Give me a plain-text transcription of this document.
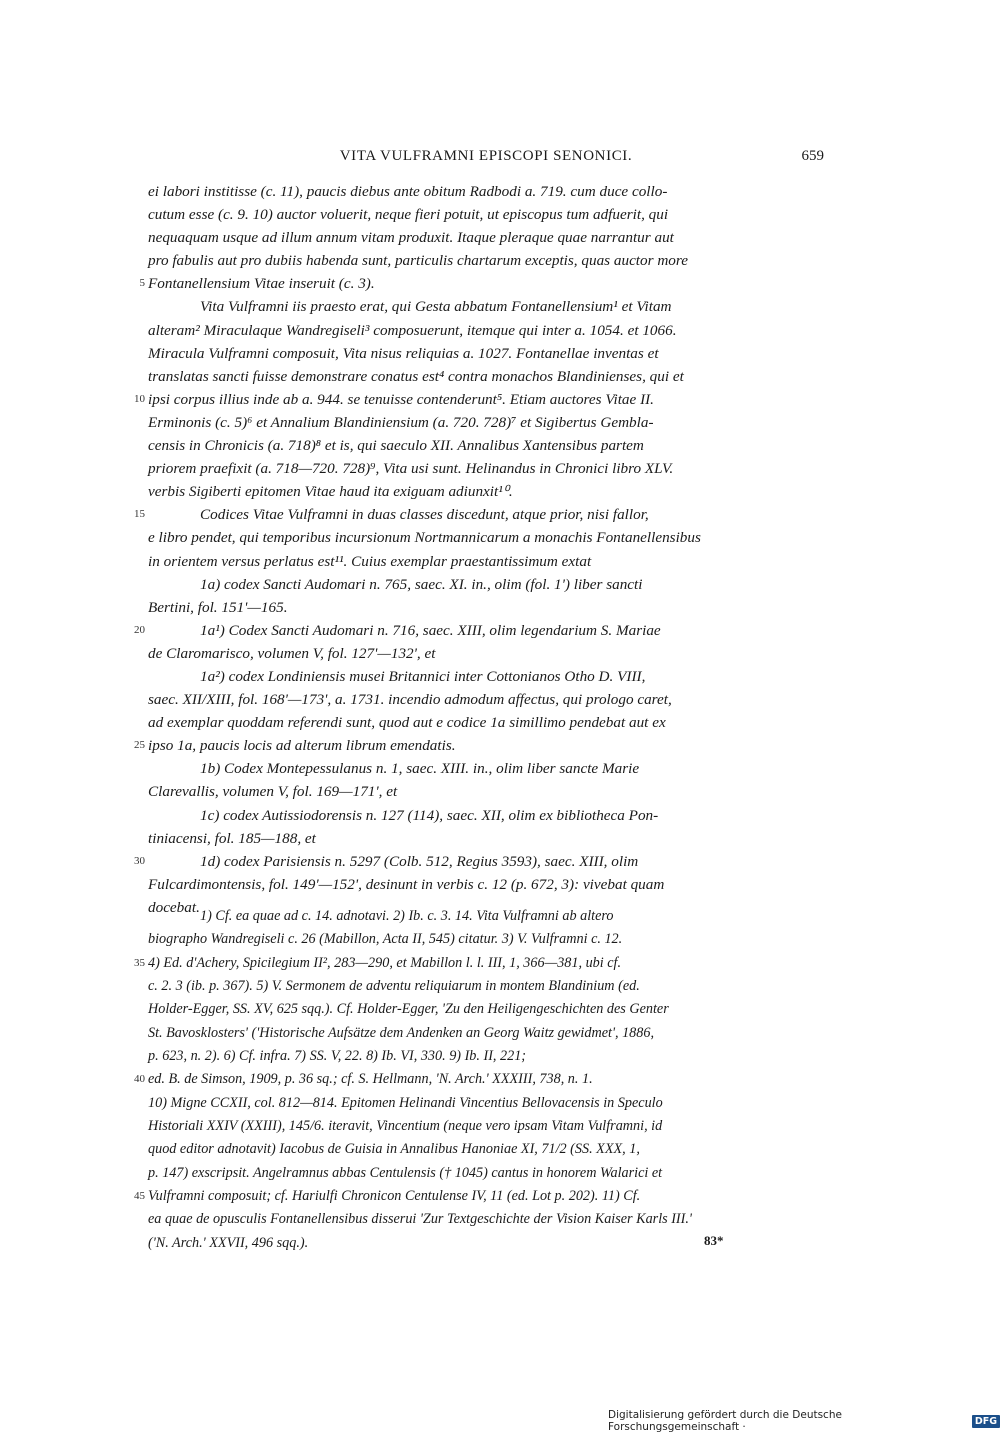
VITA VULFRAMNI EPISCOPI SENONICI.	659
ei labori institisse (c. 11), paucis diebus ante obitum Radbodi a. 719. cum duce collo-
cutum esse (c. 9. 10) auctor voluerit, neque fieri potuit, ut episcopus tum adfuerit, qui
nequaquam usque ad illum annum vitam produxit. Itaque pleraque quae narrantur aut
pro fabulis aut pro dubiis habenda sunt, particulis chartarum exceptis, quas auctor more
5 Fontanellensium Vitae inseruit (c. 3).
Vita Vulframni iis praesto erat, qui Gesta abbatum Fontanellensium¹ et Vitam
alteram² Miraculaque Wandregiseli³ composuerunt, itemque qui inter a. 1054. et 1066.
Miracula Vulframni composuit, Vita nisus reliquias a. 1027. Fontanellae inventas et
translatas sancti fuisse demonstrare conatus est⁴ contra monachos Blandinienses, qui et
10 ipsi corpus illius inde ab a. 944. se tenuisse contenderunt⁵. Etiam auctores Vitae II.
Erminonis (c. 5)⁶ et Annalium Blandiniensium (a. 720. 728)⁷ et Sigibertus Gembla-
censis in Chronicis (a. 718)⁸ et is, qui saeculo XII. Annalibus Xantensibus partem
priorem praefixit (a. 718—720. 728)⁹, Vita usi sunt. Helinandus in Chronici libro XLV.
verbis Sigiberti epitomen Vitae haud ita exiguam adiunxit¹⁰.
15	Codices Vitae Vulframni in duas classes discedunt, atque prior, nisi fallor,
e libro pendet, qui temporibus incursionum Nortmannicarum a monachis Fontanellensibus
in orientem versus perlatus est¹¹. Cuius exemplar praestantissimum extat
1a) codex Sancti Audomari n. 765, saec. XI. in., olim (fol. 1') liber sancti
Bertini, fol. 151'—165.
20	1a¹) Codex Sancti Audomari n. 716, saec. XIII, olim legendarium S. Mariae
de Claromarisco, volumen V, fol. 127'—132', et
1a²) codex Londiniensis musei Britannici inter Cottonianos Otho D. VIII,
saec. XII/XIII, fol. 168'—173', a. 1731. incendio admodum affectus, qui prologo caret,
ad exemplar quoddam referendi sunt, quod aut e codice 1a simillimo pendebat aut ex
25 ipso 1a, paucis locis ad alterum librum emendatis.
1b) Codex Montepessulanus n. 1, saec. XIII. in., olim liber sancte Marie
Clarevallis, volumen V, fol. 169—171', et
1c) codex Autissiodorensis n. 127 (114), saec. XII, olim ex bibliotheca Pon-
tiniacensi, fol. 185—188, et
30	1d) codex Parisiensis n. 5297 (Colb. 512, Regius 3593), saec. XIII, olim
Fulcardimontensis, fol. 149'—152', desinunt in verbis c. 12 (p. 672, 3): vivebat quam
docebat.
1) Cf. ea quae ad c. 14. adnotavi. 2) Ib. c. 3. 14. Vita Vulframni ab altero
biographo Wandregiseli c. 26 (Mabillon, Acta II, 545) citatur. 3) V. Vulframni c. 12.
35 4) Ed. d'Achery, Spicilegium II², 283—290, et Mabillon l. l. III, 1, 366—381, ubi cf.
c. 2. 3 (ib. p. 367). 5) V. Sermonem de adventu reliquiarum in montem Blandinium (ed.
Holder-Egger, SS. XV, 625 sqq.). Cf. Holder-Egger, 'Zu den Heiligengeschichten des Genter
St. Bavosklosters' ('Historische Aufsätze dem Andenken an Georg Waitz gewidmet', 1886,
p. 623, n. 2). 6) Cf. infra. 7) SS. V, 22. 8) Ib. VI, 330. 9) Ib. II, 221;
40 ed. B. de Simson, 1909, p. 36 sq.; cf. S. Hellmann, 'N. Arch.' XXXIII, 738, n. 1.
10) Migne CCXII, col. 812—814. Epitomen Helinandi Vincentius Bellovacensis in Speculo
Historiali XXIV (XXIII), 145/6. iteravit, Vincentium (neque vero ipsam Vitam Vulframni, id
quod editor adnotavit) Iacobus de Guisia in Annalibus Hanoniae XI, 71/2 (SS. XXX, 1,
p. 147) exscripsit. Angelramnus abbas Centulensis († 1045) cantus in honorem Walarici et
45 Vulframni composuit; cf. Hariulfi Chronicon Centulense IV, 11 (ed. Lot p. 202). 11) Cf.
ea quae de opusculis Fontanellensibus disserui 'Zur Textgeschichte der Vision Kaiser Karls III.'
('N. Arch.' XXVII, 496 sqq.).	83*
Digitalisierung gefördert durch die Deutsche Forschungsgemeinschaft ·	DFG
